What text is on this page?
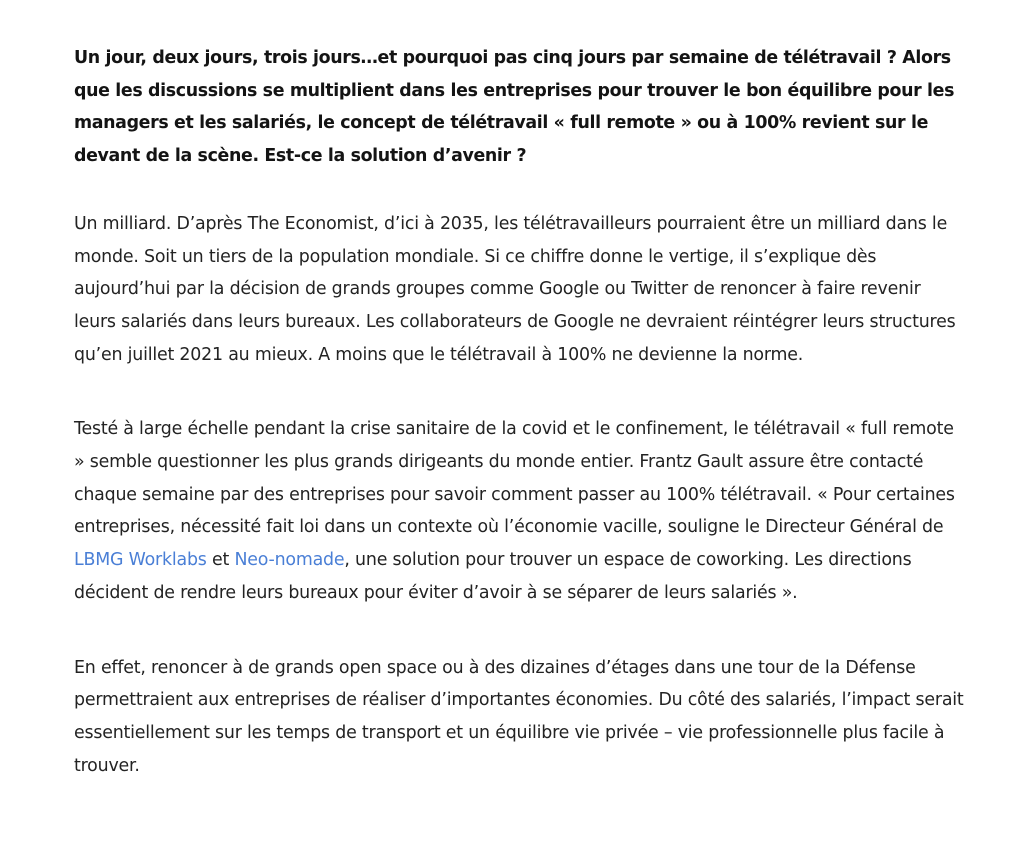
Un jour, deux jours, trois jours…et pourquoi pas cinq jours par semaine de télétravail ? Alors que les discussions se multiplient dans les entreprises pour trouver le bon équilibre pour les managers et les salariés, le concept de télétravail « full remote » ou à 100% revient sur le devant de la scène. Est-ce la solution d’avenir ?

Un milliard. D’après The Economist, d’ici à 2035, les télétravailleurs pourraient être un milliard dans le monde. Soit un tiers de la population mondiale. Si ce chiffre donne le vertige, il s’explique dès aujourd’hui par la décision de grands groupes comme Google ou Twitter de renoncer à faire revenir leurs salariés dans leurs bureaux. Les collaborateurs de Google ne devraient réintégrer leurs structures qu’en juillet 2021 au mieux. A moins que le télétravail à 100% ne devienne la norme.

Testé à large échelle pendant la crise sanitaire de la covid et le confinement, le télétravail « full remote » semble questionner les plus grands dirigeants du monde entier. Frantz Gault assure être contacté chaque semaine par des entreprises pour savoir comment passer au 100% télétravail. « Pour certaines entreprises, nécessité fait loi dans un contexte où l’économie vacille, souligne le Directeur Général de LBMG Worklabs et Neo-nomade, une solution pour trouver un espace de coworking. Les directions décident de rendre leurs bureaux pour éviter d’avoir à se séparer de leurs salariés ».

En effet, renoncer à de grands open space ou à des dizaines d’étages dans une tour de la Défense permettraient aux entreprises de réaliser d’importantes économies. Du côté des salariés, l’impact serait essentiellement sur les temps de transport et un équilibre vie privée – vie professionnelle plus facile à trouver.
